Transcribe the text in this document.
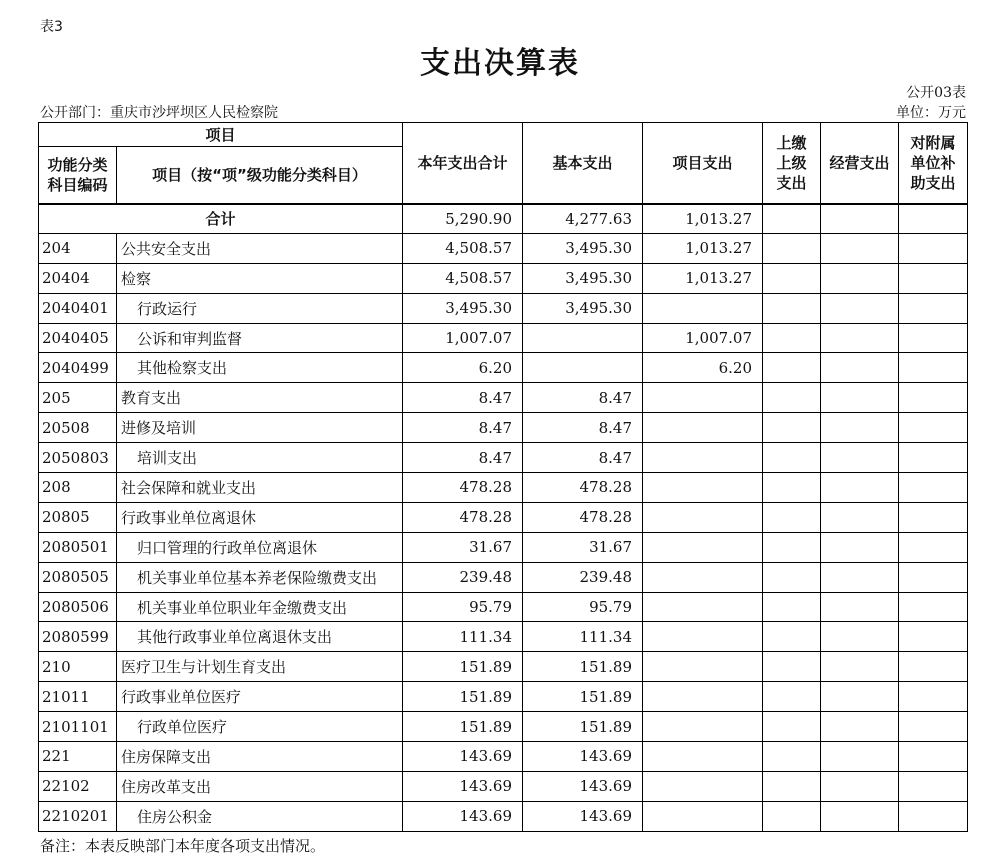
表3
支出决算表
公开03表
公开部门：重庆市沙坪坝区人民检察院	单位：万元
项目		本年支出合计	基本支出	项目支出	上缴上级支出	经营支出	对附属单位补助支出

功能分类科目编码	项目（按“项”级功能分类科目）						
合计		5,290.90	4,277.63	1,013.27			
204	公共安全支出	4,508.57	3,495.30	1,013.27			
20404	检察	4,508.57	3,495.30	1,013.27			
2040401	行政运行	3,495.30	3,495.30				
2040405	公诉和审判监督	1,007.07		1,007.07			
2040499	其他检察支出	6.20		6.20			
205	教育支出	8.47	8.47				
20508	进修及培训	8.47	8.47				
2050803	培训支出	8.47	8.47				
208	社会保障和就业支出	478.28	478.28				
20805	行政事业单位离退休	478.28	478.28				
2080501	归口管理的行政单位离退休	31.67	31.67				
2080505	机关事业单位基本养老保险缴费支出	239.48	239.48				
2080506	机关事业单位职业年金缴费支出	95.79	95.79				
2080599	其他行政事业单位离退休支出	111.34	111.34				
210	医疗卫生与计划生育支出	151.89	151.89				
21011	行政事业单位医疗	151.89	151.89				
2101101	行政单位医疗	151.89	151.89				
221	住房保障支出	143.69	143.69				
22102	住房改革支出	143.69	143.69				
2210201	住房公积金	143.69	143.69				
备注：本表反映部门本年度各项支出情况。
